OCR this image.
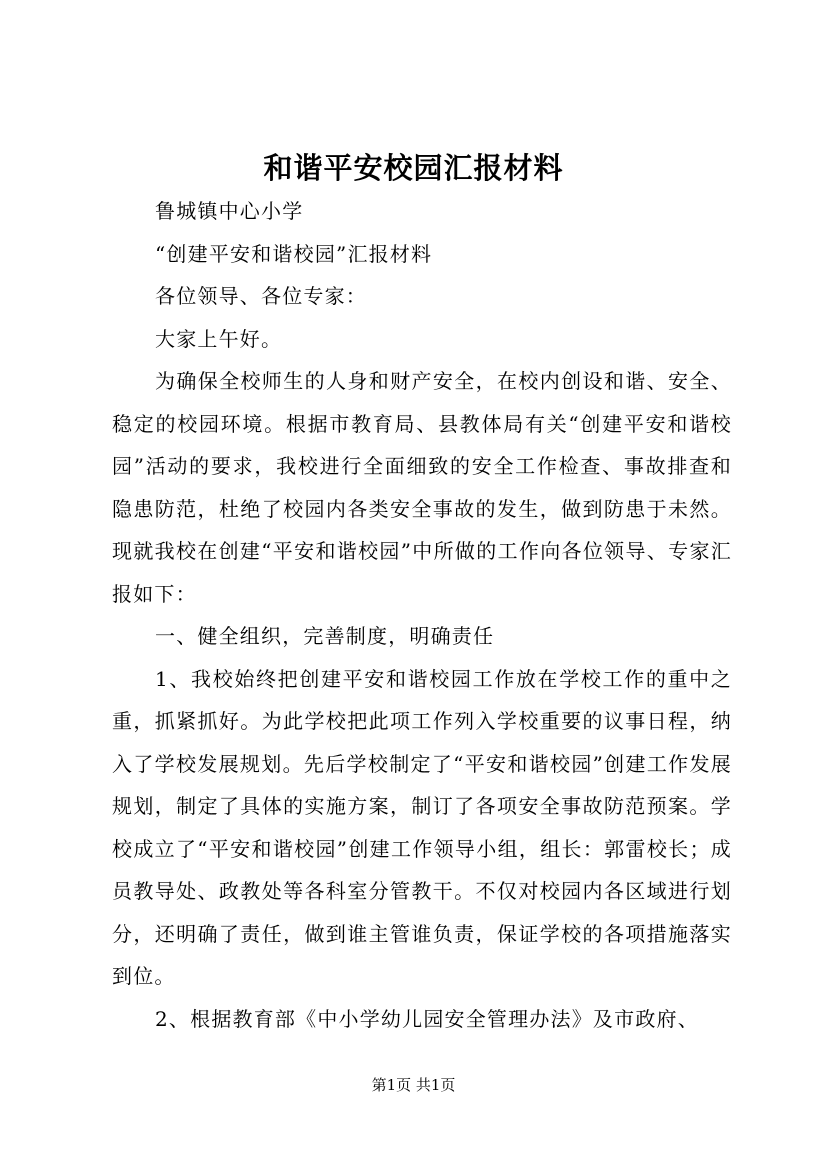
和谐平安校园汇报材料

鲁城镇中心小学

“创建平安和谐校园”汇报材料

各位领导、各位专家：

大家上午好。

为确保全校师生的人身和财产安全，在校内创设和谐、安全、稳定的校园环境。根据市教育局、县教体局有关“创建平安和谐校园”活动的要求，我校进行全面细致的安全工作检查、事故排查和隐患防范，杜绝了校园内各类安全事故的发生，做到防患于未然。现就我校在创建“平安和谐校园”中所做的工作向各位领导、专家汇报如下：

一、健全组织，完善制度，明确责任

1、我校始终把创建平安和谐校园工作放在学校工作的重中之重，抓紧抓好。为此学校把此项工作列入学校重要的议事日程，纳入了学校发展规划。先后学校制定了“平安和谐校园”创建工作发展规划，制定了具体的实施方案，制订了各项安全事故防范预案。学校成立了“平安和谐校园”创建工作领导小组，组长：郭雷校长；成员教导处、政教处等各科室分管教干。不仅对校园内各区域进行划分，还明确了责任，做到谁主管谁负责，保证学校的各项措施落实到位。

2、根据教育部《中小学幼儿园安全管理办法》及市政府、

第1页 共1页
